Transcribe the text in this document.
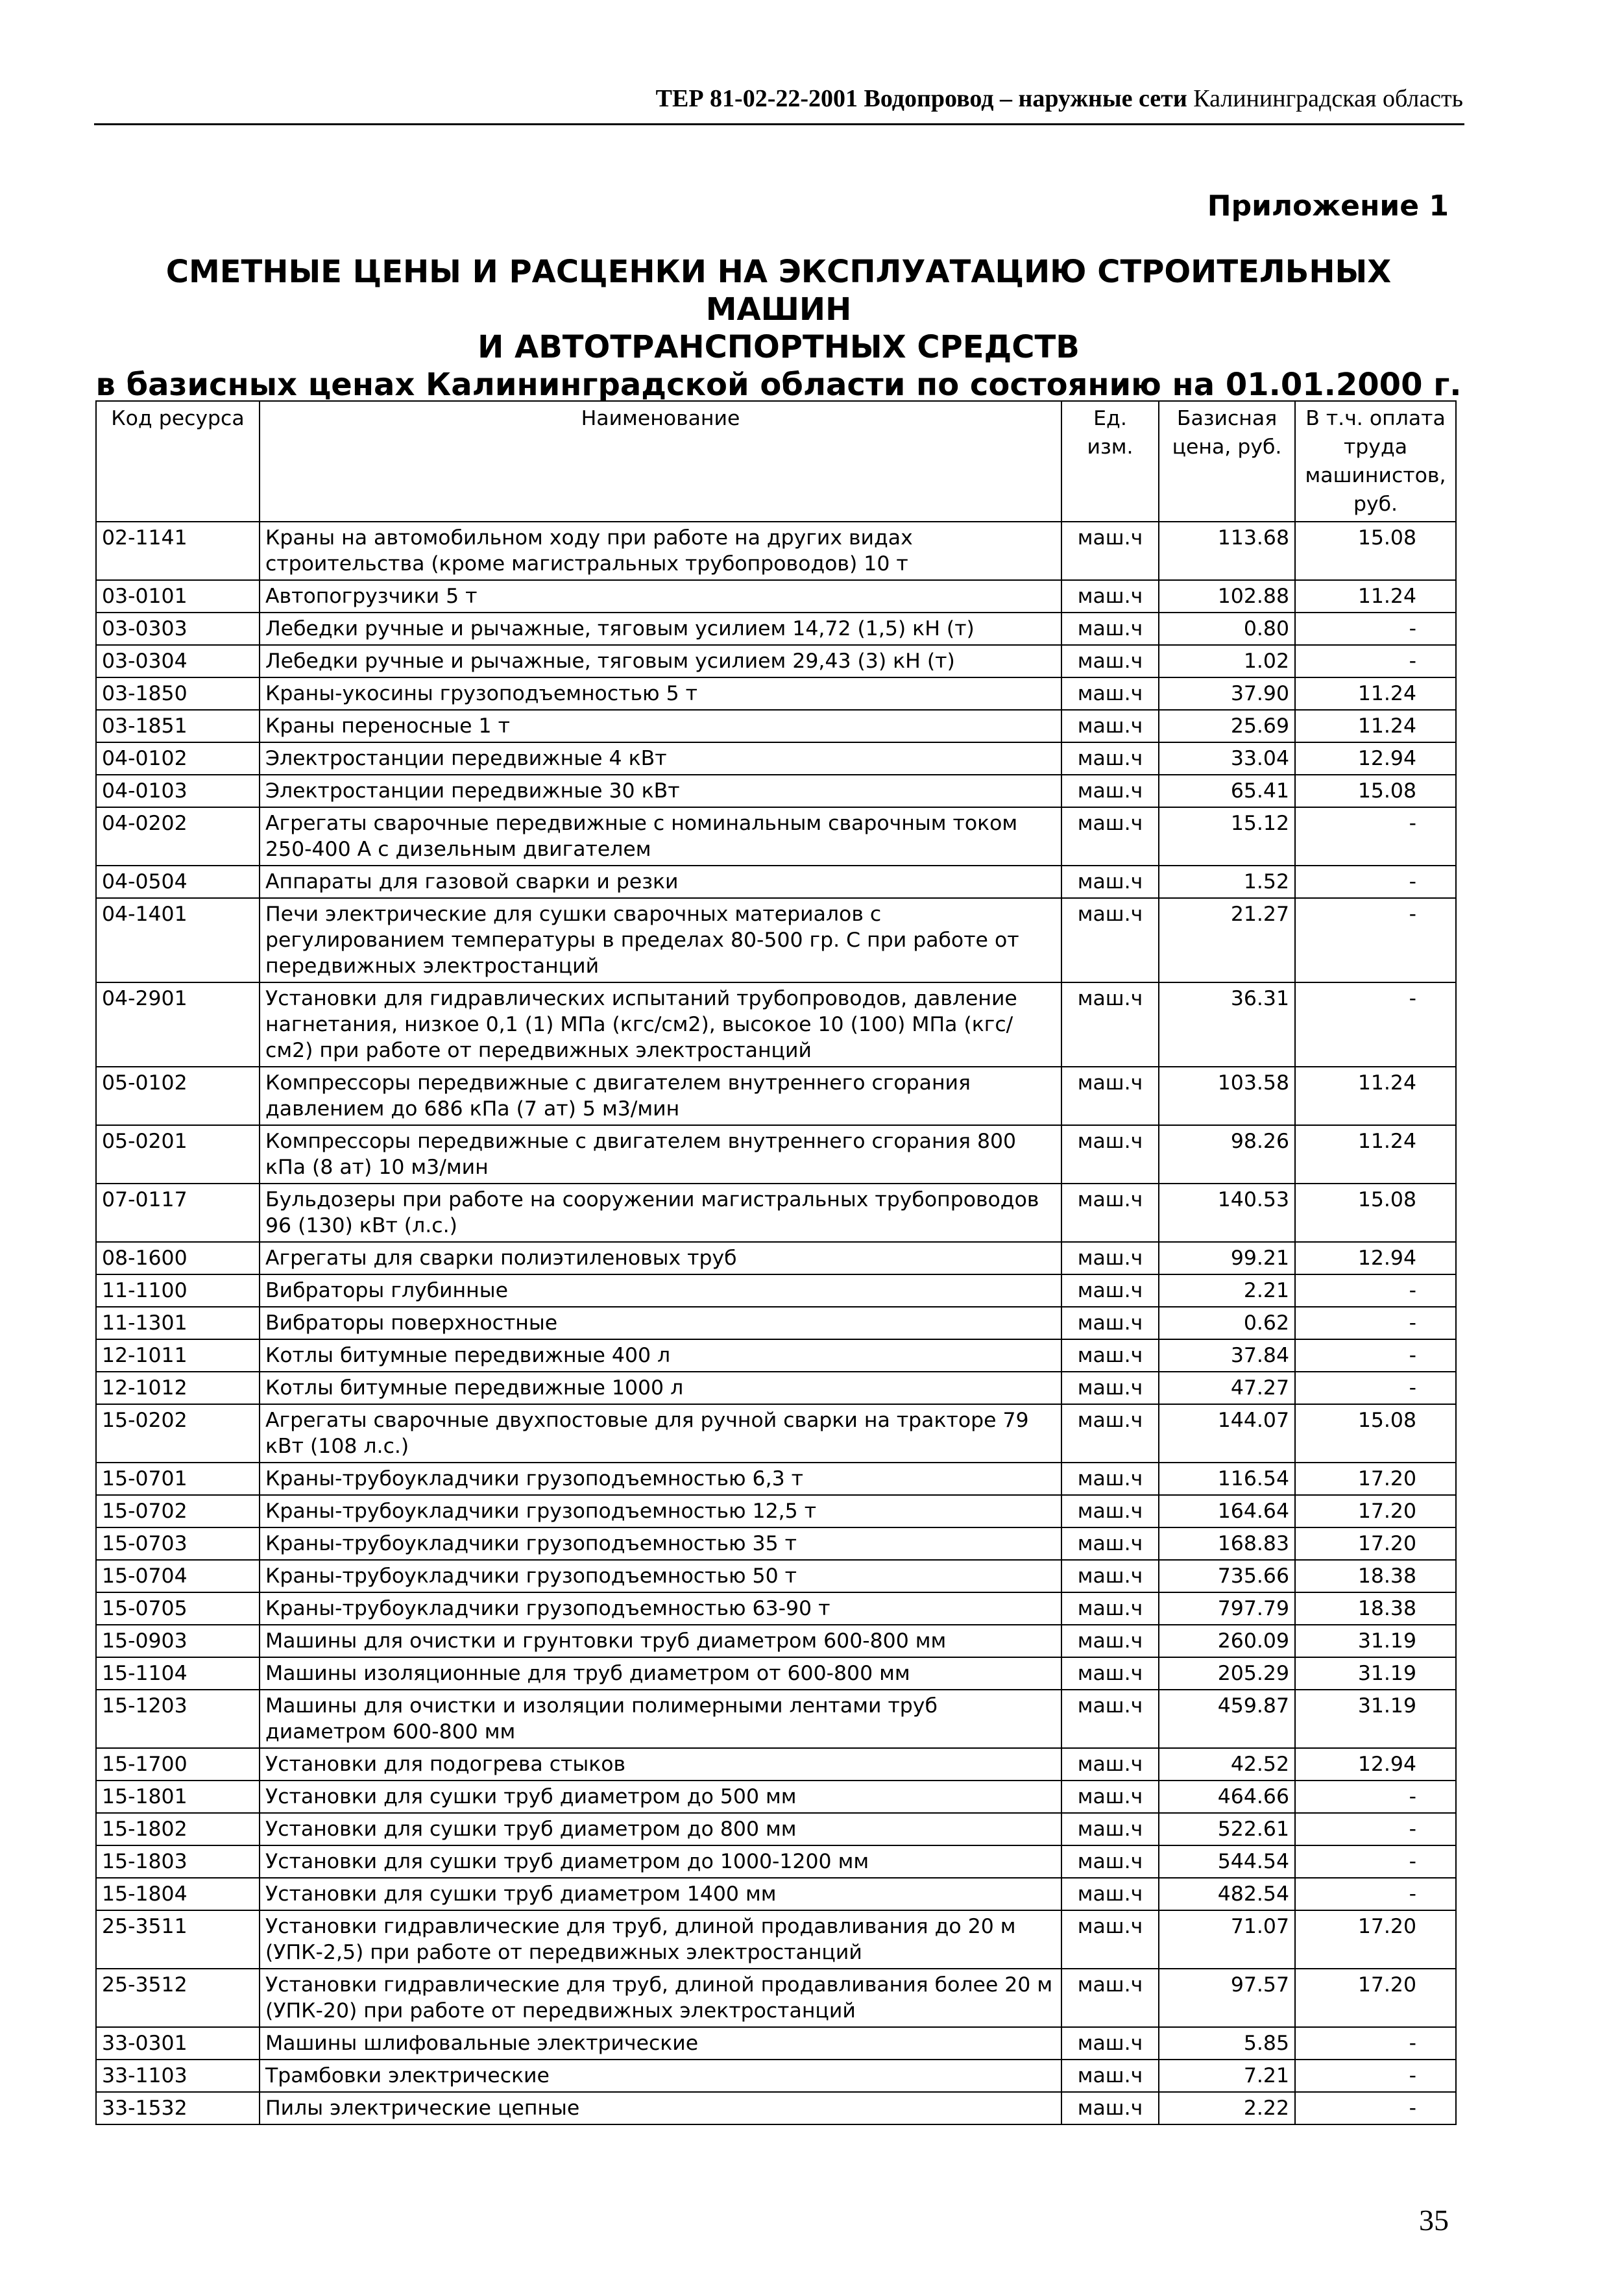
ТЕР 81-02-22-2001 Водопровод – наружные сети Калининградская область
Приложение 1
СМЕТНЫЕ ЦЕНЫ И РАСЦЕНКИ НА ЭКСПЛУАТАЦИЮ СТРОИТЕЛЬНЫХ МАШИН
И АВТОТРАНСПОРТНЫХ СРЕДСТВ
в базисных ценах Калининградской области по состоянию на 01.01.2000 г.
Код ресурса	Наименование	Ед. изм.	Базисная цена, руб.	В т.ч. оплата труда машинистов, руб.
02-1141	Краны на автомобильном ходу при работе на других видах строительства (кроме магистральных трубопроводов) 10 т	маш.ч	113.68	15.08
03-0101	Автопогрузчики 5 т	маш.ч	102.88	11.24
03-0303	Лебедки ручные и рычажные, тяговым усилием 14,72 (1,5) кН (т)	маш.ч	0.80	-
03-0304	Лебедки ручные и рычажные, тяговым усилием 29,43 (3) кН (т)	маш.ч	1.02	-
03-1850	Краны-укосины грузоподъемностью 5 т	маш.ч	37.90	11.24
03-1851	Краны переносные 1 т	маш.ч	25.69	11.24
04-0102	Электростанции передвижные 4 кВт	маш.ч	33.04	12.94
04-0103	Электростанции передвижные 30 кВт	маш.ч	65.41	15.08
04-0202	Агрегаты сварочные передвижные с номинальным сварочным током 250-400 А с дизельным двигателем	маш.ч	15.12	-
04-0504	Аппараты для газовой сварки и резки	маш.ч	1.52	-
04-1401	Печи электрические для сушки сварочных материалов с регулированием температуры в пределах 80-500 гр. С при работе от передвижных электростанций	маш.ч	21.27	-
04-2901	Установки для гидравлических испытаний трубопроводов, давление нагнетания, низкое 0,1 (1) МПа (кгс/см2), высокое 10 (100) МПа (кгс/см2) при работе от передвижных электростанций	маш.ч	36.31	-
05-0102	Компрессоры передвижные с двигателем внутреннего сгорания давлением до 686 кПа (7 ат) 5 м3/мин	маш.ч	103.58	11.24
05-0201	Компрессоры передвижные с двигателем внутреннего сгорания 800 кПа (8 ат) 10 м3/мин	маш.ч	98.26	11.24
07-0117	Бульдозеры при работе на сооружении магистральных трубопроводов 96 (130) кВт (л.с.)	маш.ч	140.53	15.08
08-1600	Агрегаты для сварки полиэтиленовых труб	маш.ч	99.21	12.94
11-1100	Вибраторы глубинные	маш.ч	2.21	-
11-1301	Вибраторы поверхностные	маш.ч	0.62	-
12-1011	Котлы битумные передвижные 400 л	маш.ч	37.84	-
12-1012	Котлы битумные передвижные 1000 л	маш.ч	47.27	-
15-0202	Агрегаты сварочные двухпостовые для ручной сварки на тракторе 79 кВт (108 л.с.)	маш.ч	144.07	15.08
15-0701	Краны-трубоукладчики грузоподъемностью 6,3 т	маш.ч	116.54	17.20
15-0702	Краны-трубоукладчики грузоподъемностью 12,5 т	маш.ч	164.64	17.20
15-0703	Краны-трубоукладчики грузоподъемностью 35 т	маш.ч	168.83	17.20
15-0704	Краны-трубоукладчики грузоподъемностью 50 т	маш.ч	735.66	18.38
15-0705	Краны-трубоукладчики грузоподъемностью 63-90 т	маш.ч	797.79	18.38
15-0903	Машины для очистки и грунтовки труб диаметром 600-800 мм	маш.ч	260.09	31.19
15-1104	Машины изоляционные для труб диаметром от 600-800 мм	маш.ч	205.29	31.19
15-1203	Машины для очистки и изоляции полимерными лентами труб диаметром 600-800 мм	маш.ч	459.87	31.19
15-1700	Установки для подогрева стыков	маш.ч	42.52	12.94
15-1801	Установки для сушки труб диаметром до 500 мм	маш.ч	464.66	-
15-1802	Установки для сушки труб диаметром до 800 мм	маш.ч	522.61	-
15-1803	Установки для сушки труб диаметром до 1000-1200 мм	маш.ч	544.54	-
15-1804	Установки для сушки труб диаметром 1400 мм	маш.ч	482.54	-
25-3511	Установки гидравлические для труб, длиной продавливания до 20 м (УПК-2,5) при работе от передвижных электростанций	маш.ч	71.07	17.20
25-3512	Установки гидравлические для труб, длиной продавливания более 20 м (УПК-20) при работе от передвижных электростанций	маш.ч	97.57	17.20
33-0301	Машины шлифовальные электрические	маш.ч	5.85	-
33-1103	Трамбовки электрические	маш.ч	7.21	-
33-1532	Пилы электрические цепные	маш.ч	2.22	-
35
